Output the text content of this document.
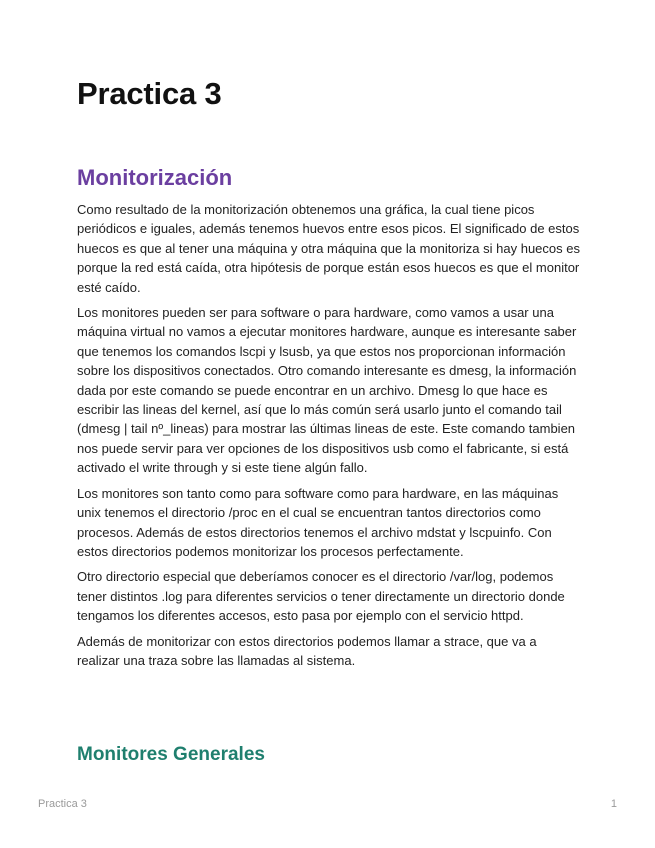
Practica 3
Monitorización

Como resultado de la monitorización obtenemos una gráfica, la cual tiene picos periódicos e iguales, además tenemos huevos entre esos picos. El significado de estos huecos es que al tener una máquina y otra máquina que la monitoriza si hay huecos es porque la red está caída, otra hipótesis de porque están esos huecos es que el monitor esté caído.

Los monitores pueden ser para software o para hardware, como vamos a usar una máquina virtual no vamos a ejecutar monitores hardware, aunque es interesante saber que tenemos los comandos lscpi y lsusb, ya que estos nos proporcionan información sobre los dispositivos conectados. Otro comando interesante es dmesg, la información dada por este comando se puede encontrar en un archivo. Dmesg lo que hace es escribir las lineas del kernel, así que lo más común será usarlo junto el comando tail (dmesg | tail nº_lineas) para mostrar las últimas lineas de este. Este comando tambien nos puede servir para ver opciones de los dispositivos usb como el fabricante, si está activado el write through y si este tiene algún fallo.

Los monitores son tanto como para software como para hardware, en las máquinas unix tenemos el directorio /proc en el cual se encuentran tantos directorios como procesos. Además de estos directorios tenemos el archivo mdstat y lscpuinfo. Con estos directorios podemos monitorizar los procesos perfectamente.

Otro directorio especial que deberíamos conocer es el directorio /var/log, podemos tener distintos .log para diferentes servicios o tener directamente un directorio donde tengamos los diferentes accesos, esto pasa por ejemplo con el servicio httpd.

Además de monitorizar con estos directorios podemos llamar a strace, que va a realizar una traza sobre las llamadas al sistema.

Monitores Generales
Practica 3	1
